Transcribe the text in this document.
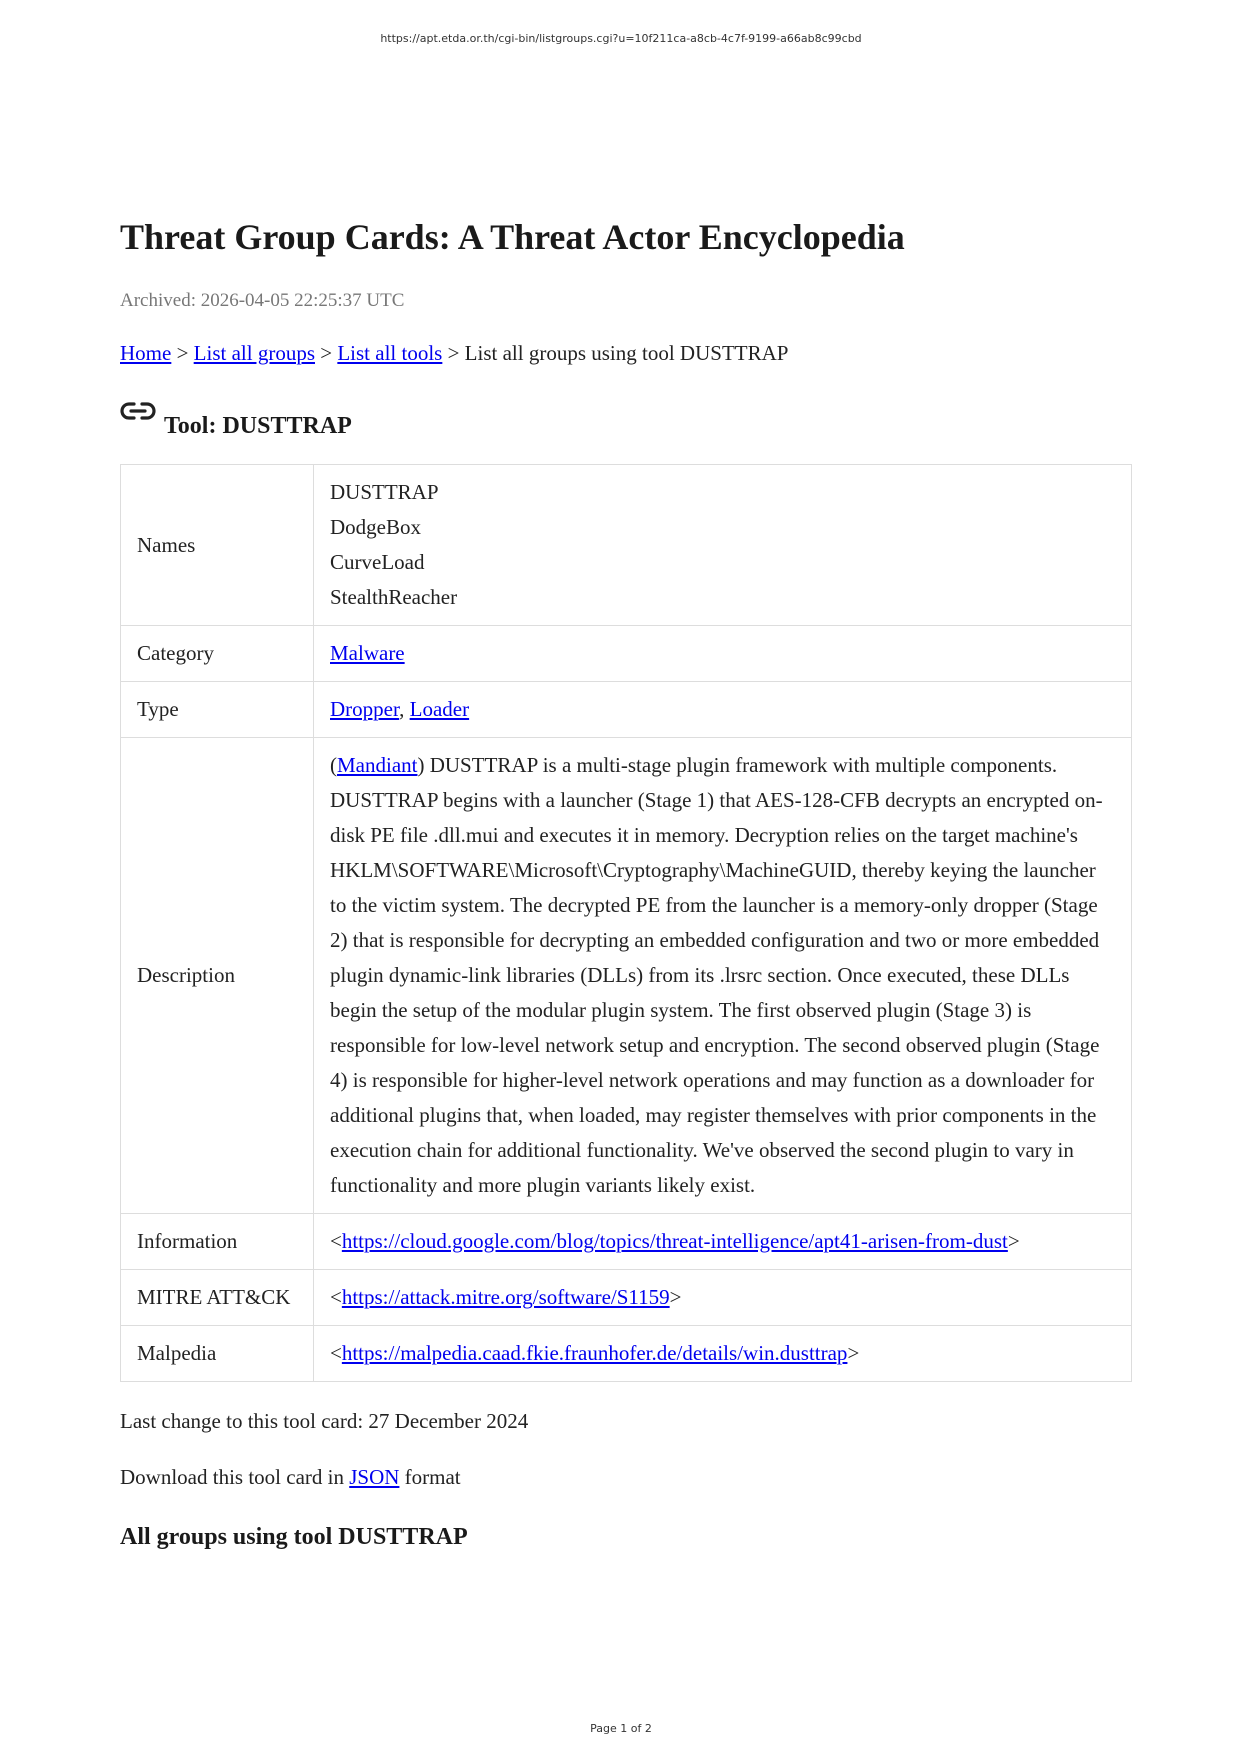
https://apt.etda.or.th/cgi-bin/listgroups.cgi?u=10f211ca-a8cb-4c7f-9199-a66ab8c99cbd
Threat Group Cards: A Threat Actor Encyclopedia
Archived: 2026-04-05 22:25:37 UTC
Home > List all groups > List all tools > List all groups using tool DUSTTRAP
Tool: DUSTTRAP
Names	DUSTTRAP
DodgeBox
CurveLoad
StealthReacher

Category	Malware
Type	Dropper, Loader
Description	(Mandiant) DUSTTRAP is a multi-stage plugin framework with multiple components. DUSTTRAP begins with a launcher (Stage 1) that AES-128-CFB decrypts an encrypted on-disk PE file .dll.mui and executes it in memory. Decryption relies on the target machine's HKLM\SOFTWARE\Microsoft\Cryptography\MachineGUID, thereby keying the launcher to the victim system. The decrypted PE from the launcher is a memory-only dropper (Stage 2) that is responsible for decrypting an embedded configuration and two or more embedded plugin dynamic-link libraries (DLLs) from its .lrsrc section. Once executed, these DLLs begin the setup of the modular plugin system. The first observed plugin (Stage 3) is responsible for low-level network setup and encryption. The second observed plugin (Stage 4) is responsible for higher-level network operations and may function as a downloader for additional plugins that, when loaded, may register themselves with prior components in the execution chain for additional functionality. We've observed the second plugin to vary in functionality and more plugin variants likely exist.
Information	<https://cloud.google.com/blog/topics/threat-intelligence/apt41-arisen-from-dust>
MITRE ATT&CK	<https://attack.mitre.org/software/S1159>
Malpedia	<https://malpedia.caad.fkie.fraunhofer.de/details/win.dusttrap>
Last change to this tool card: 27 December 2024
Download this tool card in JSON format
All groups using tool DUSTTRAP
Page 1 of 2
